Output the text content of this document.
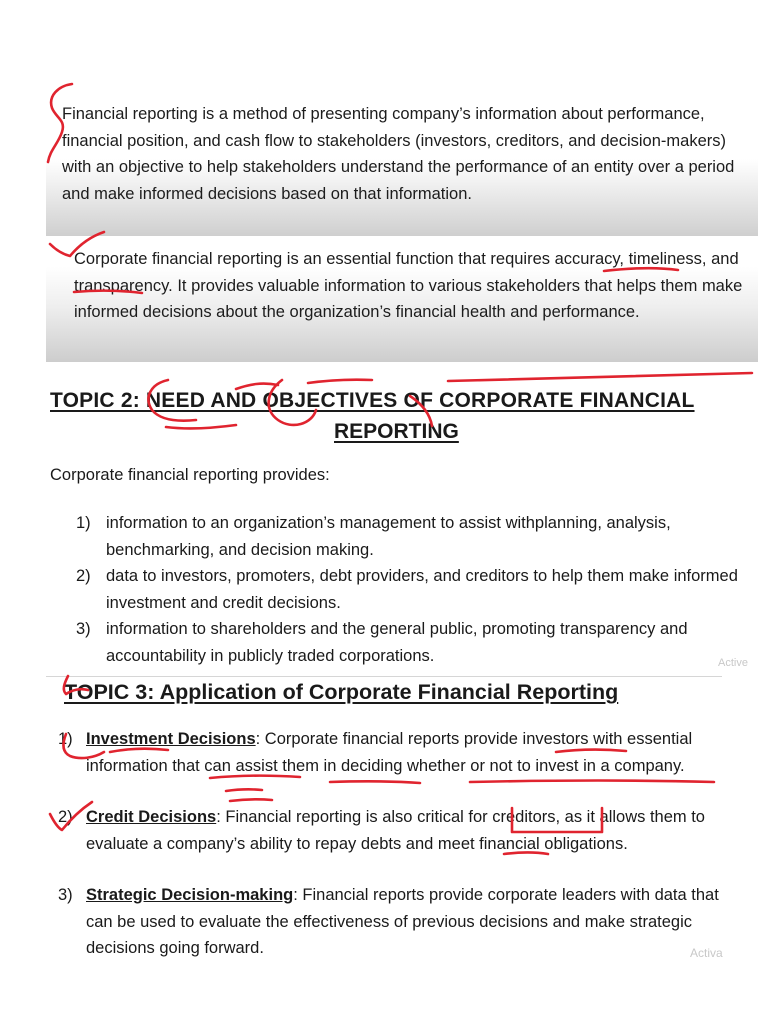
Financial reporting is a method of presenting company’s information about performance, financial position, and cash flow to stakeholders (investors, creditors, and decision-makers) with an objective to help stakeholders understand the performance of an entity over a period and make informed decisions based on that information.
Corporate financial reporting is an essential function that requires accuracy, timeliness, and transparency. It provides valuable information to various stakeholders that helps them make informed decisions about the organization’s financial health and performance.
TOPIC 2: NEED AND OBJECTIVES OF CORPORATE FINANCIAL
REPORTING
Corporate financial reporting provides:
1) information to an organization’s management to assist withplanning, analysis, benchmarking, and decision making.
2) data to investors, promoters, debt providers, and creditors to help them make informed investment and credit decisions.
3) information to shareholders and the general public, promoting transparency and accountability in publicly traded corporations.	Active
TOPIC 3: Application of Corporate Financial Reporting
1) Investment Decisions: Corporate financial reports provide investors with essential information that can assist them in deciding whether or not to invest in a company.
2) Credit Decisions: Financial reporting is also critical for creditors, as it allows them to evaluate a company’s ability to repay debts and meet financial obligations.
3) Strategic Decision-making: Financial reports provide corporate leaders with data that can be used to evaluate the effectiveness of previous decisions and make strategic decisions going forward.	Activa
